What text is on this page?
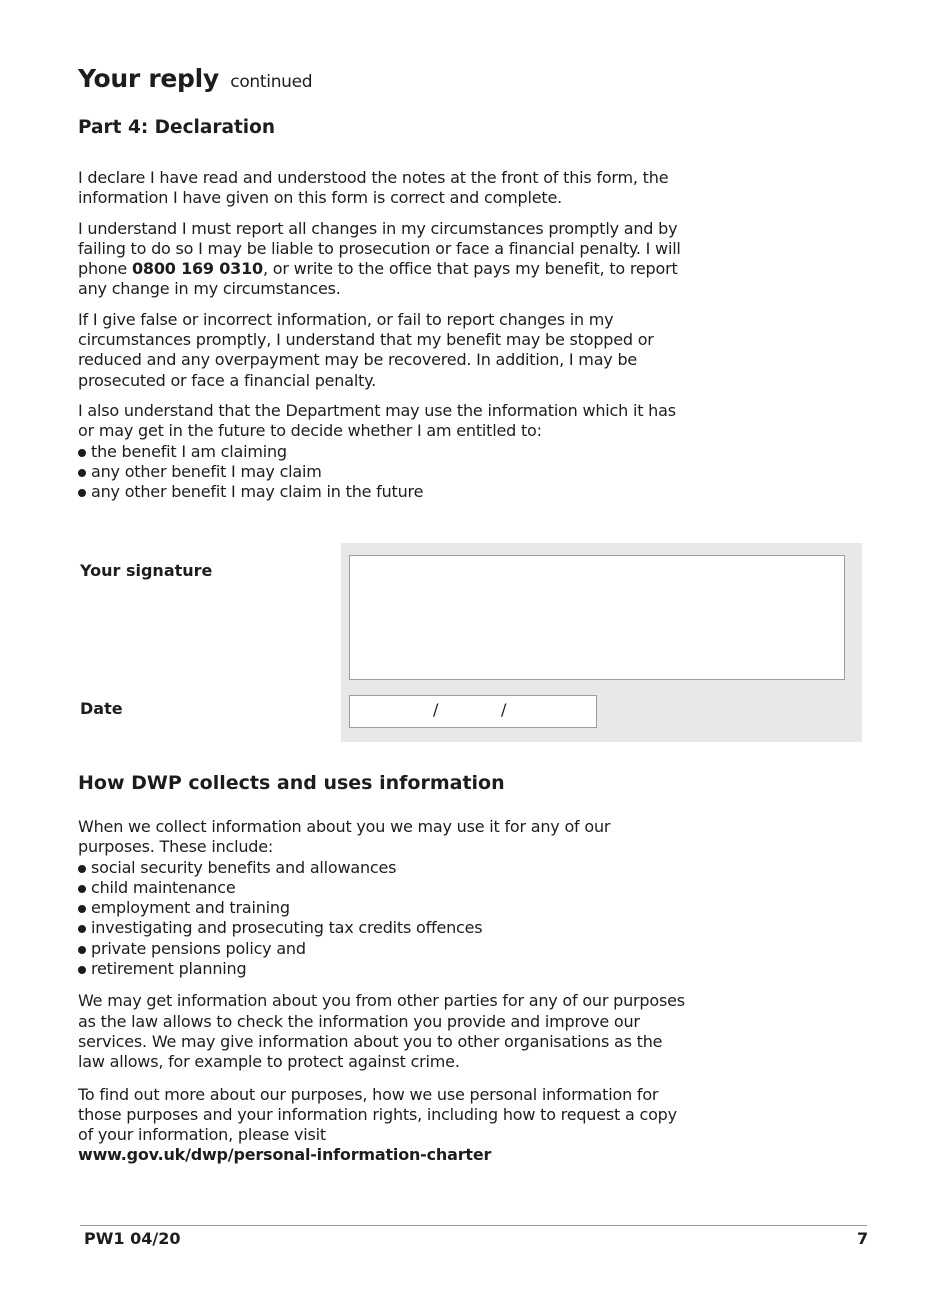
Your reply continued
Part 4: Declaration

I declare I have read and understood the notes at the front of this form, the information I have given on this form is correct and complete.

I understand I must report all changes in my circumstances promptly and by failing to do so I may be liable to prosecution or face a financial penalty. I will phone 0800 169 0310, or write to the office that pays my benefit, to report any change in my circumstances.

If I give false or incorrect information, or fail to report changes in my circumstances promptly, I understand that my benefit may be stopped or reduced and any overpayment may be recovered. In addition, I may be prosecuted or face a financial penalty.

I also understand that the Department may use the information which it has or may get in the future to decide whether I am entitled to:

the benefit I am claiming
any other benefit I may claim
any other benefit I may claim in the future
Your signature
Date	/	/
How DWP collects and uses information

When we collect information about you we may use it for any of our purposes. These include:

social security benefits and allowances
child maintenance
employment and training
investigating and prosecuting tax credits offences
private pensions policy and
retirement planning

We may get information about you from other parties for any of our purposes as the law allows to check the information you provide and improve our services. We may give information about you to other organisations as the law allows, for example to protect against crime.

To find out more about our purposes, how we use personal information for those purposes and your information rights, including how to request a copy of your information, please visit
www.gov.uk/dwp/personal-information-charter

PW1 04/20	7
